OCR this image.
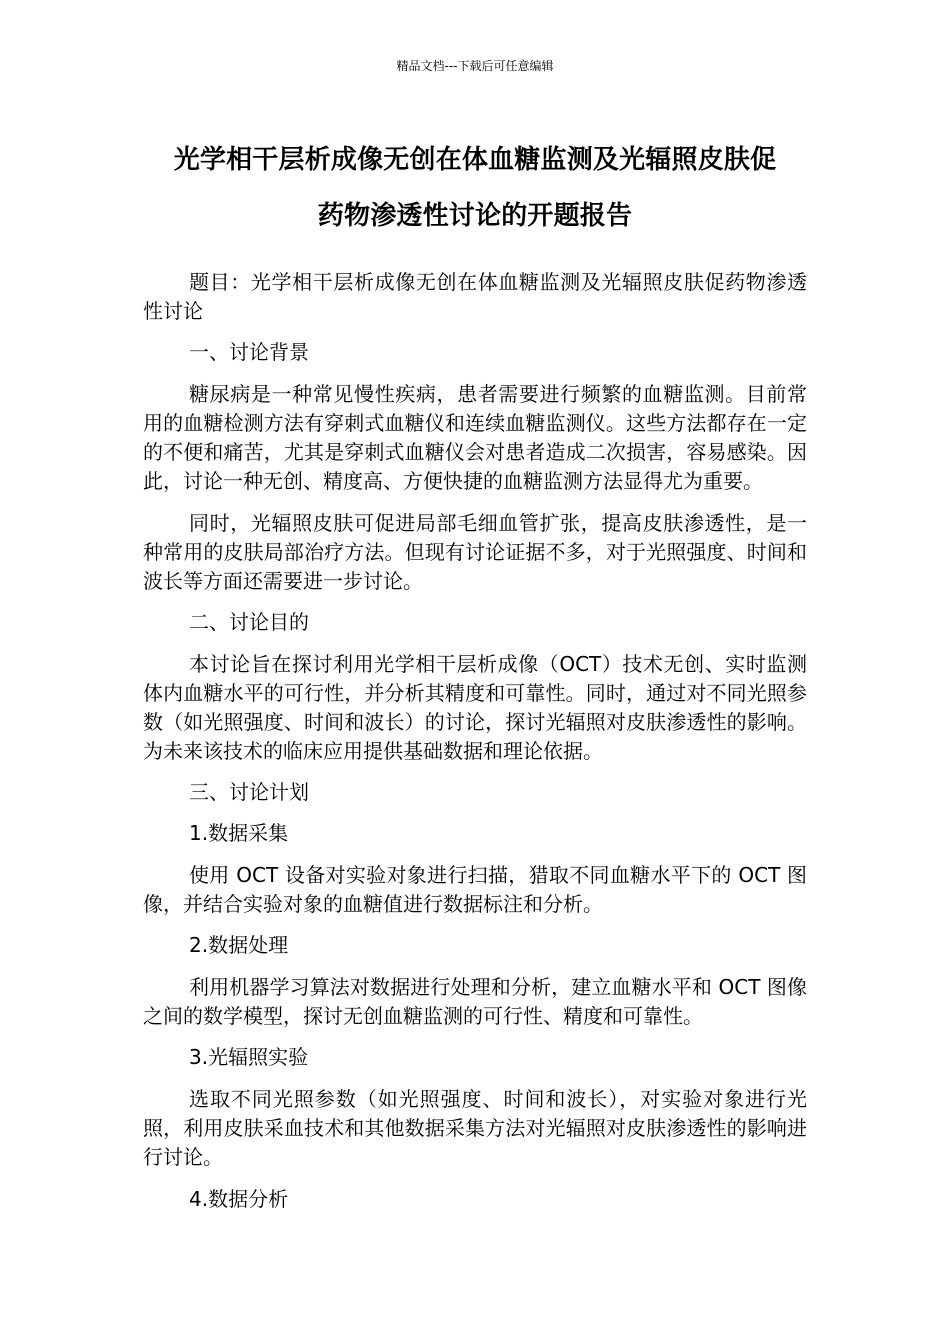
精品文档---下载后可任意编辑
光学相干层析成像无创在体血糖监测及光辐照皮肤促
药物渗透性讨论的开题报告

题目：光学相干层析成像无创在体血糖监测及光辐照皮肤促药物渗透性讨论

一、讨论背景

糖尿病是一种常见慢性疾病，患者需要进行频繁的血糖监测。目前常用的血糖检测方法有穿刺式血糖仪和连续血糖监测仪。这些方法都存在一定的不便和痛苦，尤其是穿刺式血糖仪会对患者造成二次损害，容易感染。因此，讨论一种无创、精度高、方便快捷的血糖监测方法显得尤为重要。

同时，光辐照皮肤可促进局部毛细血管扩张，提高皮肤渗透性，是一种常用的皮肤局部治疗方法。但现有讨论证据不多，对于光照强度、时间和波长等方面还需要进一步讨论。

二、讨论目的

本讨论旨在探讨利用光学相干层析成像（OCT）技术无创、实时监测体内血糖水平的可行性，并分析其精度和可靠性。同时，通过对不同光照参数（如光照强度、时间和波长）的讨论，探讨光辐照对皮肤渗透性的影响。为未来该技术的临床应用提供基础数据和理论依据。

三、讨论计划

1.数据采集

使用 OCT 设备对实验对象进行扫描，猎取不同血糖水平下的 OCT 图像，并结合实验对象的血糖值进行数据标注和分析。

2.数据处理

利用机器学习算法对数据进行处理和分析，建立血糖水平和 OCT 图像之间的数学模型，探讨无创血糖监测的可行性、精度和可靠性。

3.光辐照实验

选取不同光照参数（如光照强度、时间和波长），对实验对象进行光照，利用皮肤采血技术和其他数据采集方法对光辐照对皮肤渗透性的影响进行讨论。

4.数据分析
